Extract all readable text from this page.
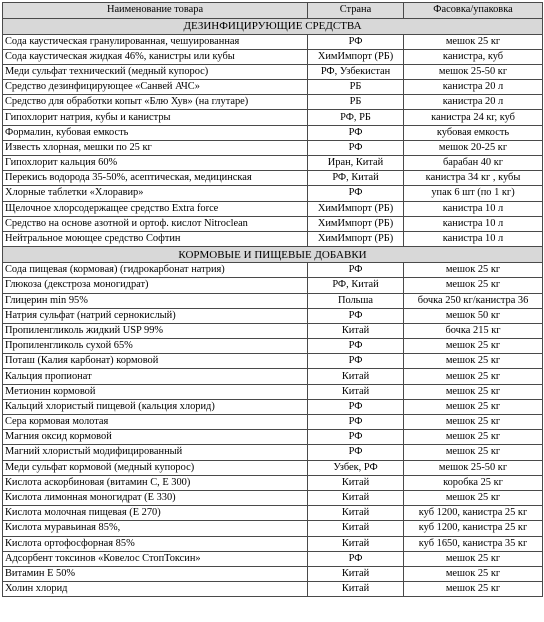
Наименование товара	Страна	Фасовка/упаковка
ДЕЗИНФИЦИРУЮЩИЕ СРЕДСТВА		
Сода каустическая гранулированная, чешуированная	РФ	мешок 25 кг
Сода каустическая жидкая 46%, канистры или кубы	ХимИмпорт (РБ)	канистра, куб
Меди сульфат технический (медный купорос)	РФ, Узбекистан	мешок 25-50 кг
Средство дезинфицирующее «Санвей АЧС»	РБ	канистра 20 л
Средство для обработки копыт «Блю Хув» (на глутаре)	РБ	канистра 20 л
Гипохлорит натрия, кубы и канистры	РФ, РБ	канистра 24 кг, куб
Формалин, кубовая емкость	РФ	кубовая емкость
Известь хлорная, мешки по 25 кг	РФ	мешок 20-25 кг
Гипохлорит кальция 60%	Иран, Китай	барабан 40 кг
Перекись водорода 35-50%, асептическая, медицинская	РФ, Китай	канистра 34 кг , кубы
Хлорные таблетки «Хлоравир»	РФ	упак 6 шт (по 1 кг)
Щелочное хлорсодержащее средство Extra force	ХимИмпорт (РБ)	канистра 10 л
Средство на основе азотной и ортоф. кислот Nitroclean	ХимИмпорт (РБ)	канистра 10 л
Нейтральное моющее средство Софтин	ХимИмпорт (РБ)	канистра 10 л
КОРМОВЫЕ И ПИЩЕВЫЕ ДОБАВКИ		
Сода пищевая (кормовая) (гидрокарбонат натрия)	РФ	мешок 25 кг
Глюкоза (декстроза моногидрат)	РФ, Китай	мешок 25 кг
Глицерин min 95%	Польша	бочка 250 кг/канистра 36
Натрия сульфат (натрий сернокислый)	РФ	мешок 50 кг
Пропиленгликоль жидкий USP 99%	Китай	бочка 215 кг
Пропиленгликоль сухой 65%	РФ	мешок 25 кг
Поташ (Калия карбонат) кормовой	РФ	мешок 25 кг
Кальция пропионат	Китай	мешок 25 кг
Метионин кормовой	Китай	мешок 25 кг
Кальций хлористый пищевой (кальция хлорид)	РФ	мешок 25 кг
Сера кормовая молотая	РФ	мешок 25 кг
Магния оксид кормовой	РФ	мешок 25 кг
Магний хлористый модифицированный	РФ	мешок 25 кг
Меди сульфат кормовой (медный купорос)	Узбек, РФ	мешок 25-50 кг
Кислота аскорбиновая (витамин С, Е 300)	Китай	коробка 25 кг
Кислота лимонная моногидрат (Е 330)	Китай	мешок 25 кг
Кислота молочная пищевая (Е 270)	Китай	куб 1200, канистра 25 кг
Кислота муравьиная 85%,	Китай	куб 1200, канистра 25 кг
Кислота ортофосфорная 85%	Китай	куб 1650, канистра 35 кг
Адсорбент токсинов «Ковелос СтопТоксин»	РФ	мешок 25 кг
Витамин Е 50%	Китай	мешок 25 кг
Холин хлорид	Китай	мешок 25 кг
